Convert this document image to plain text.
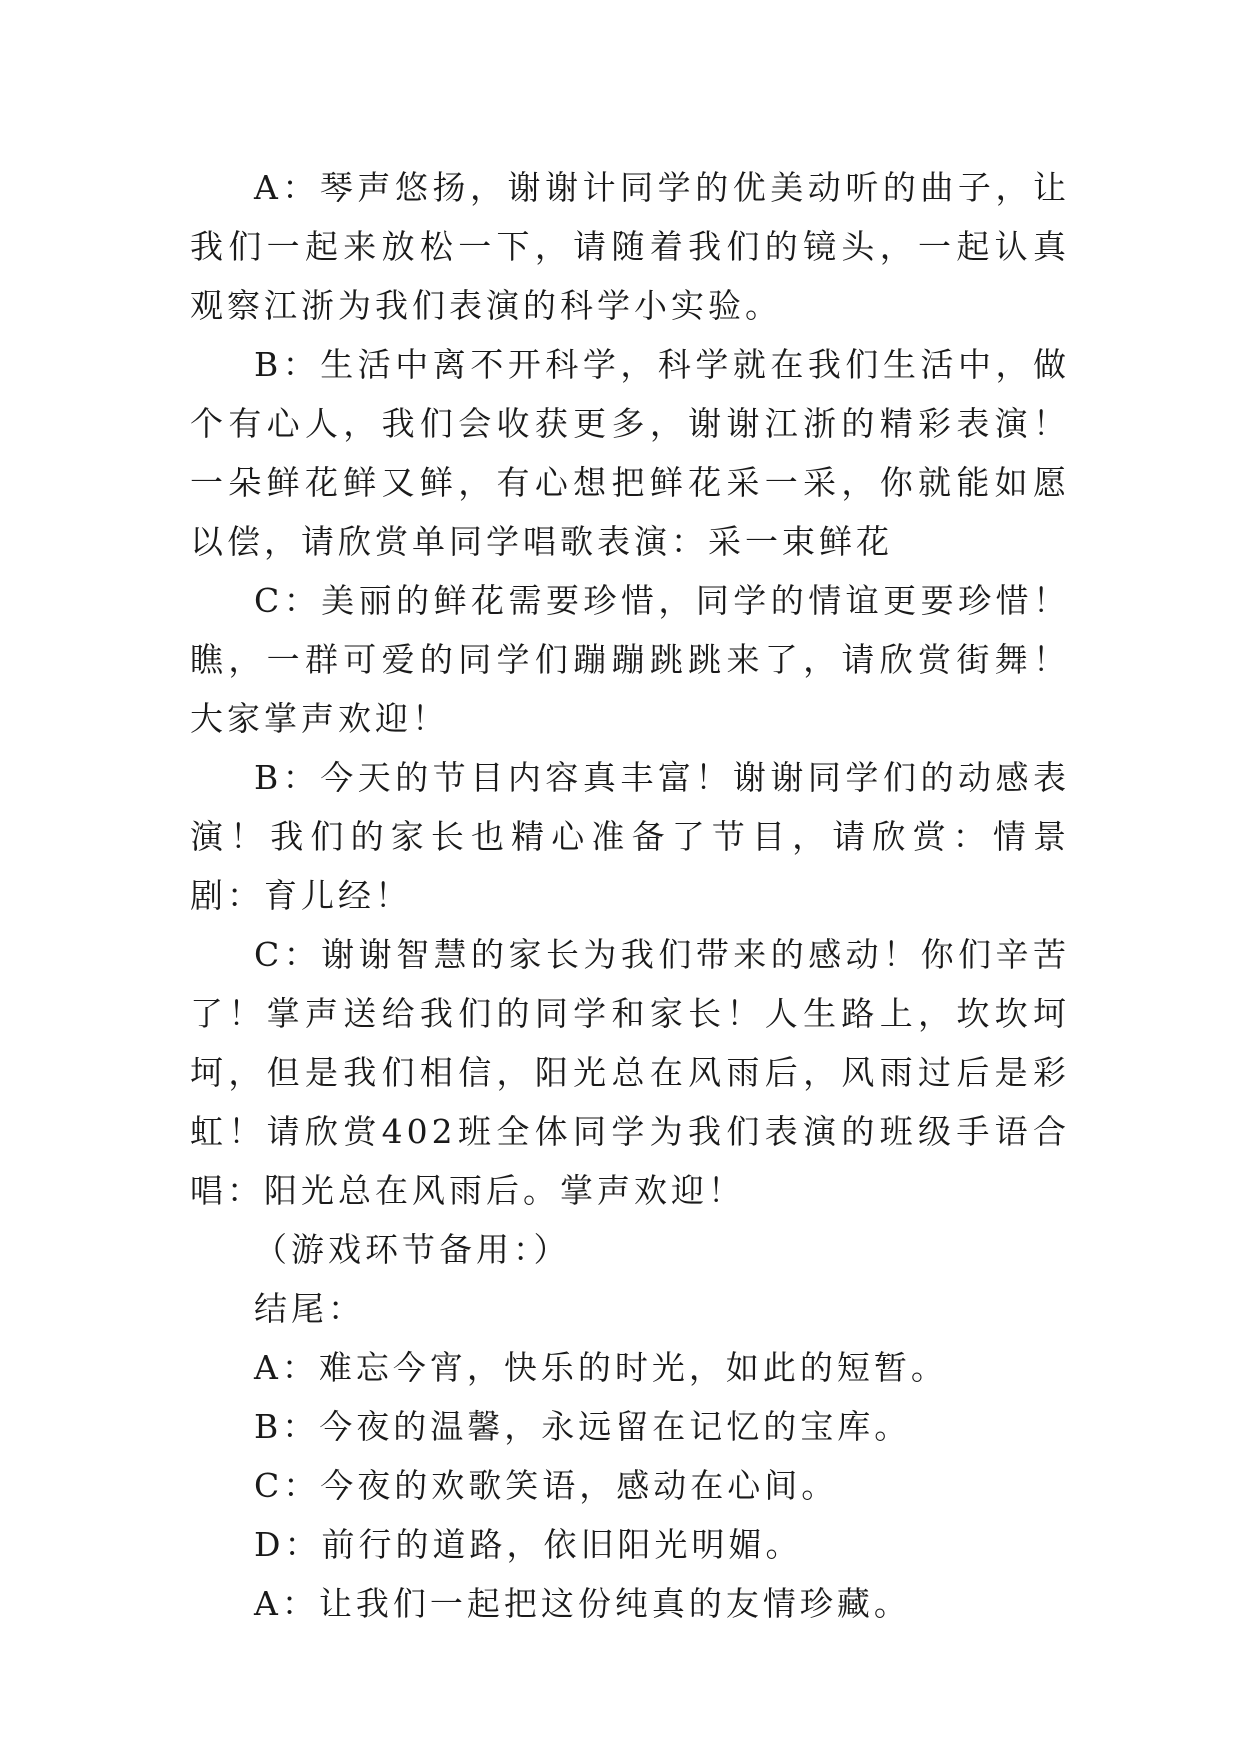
A：琴声悠扬，谢谢计同学的优美动听的曲子，让我们一起来放松一下，请随着我们的镜头，一起认真观察江浙为我们表演的科学小实验。

B：生活中离不开科学，科学就在我们生活中，做个有心人，我们会收获更多，谢谢江浙的精彩表演！一朵鲜花鲜又鲜，有心想把鲜花采一采，你就能如愿以偿，请欣赏单同学唱歌表演：采一束鲜花

C：美丽的鲜花需要珍惜，同学的情谊更要珍惜！瞧，一群可爱的同学们蹦蹦跳跳来了，请欣赏街舞！大家掌声欢迎！

B：今天的节目内容真丰富！谢谢同学们的动感表演！我们的家长也精心准备了节目，请欣赏：情景剧：育儿经！

C：谢谢智慧的家长为我们带来的感动！你们辛苦了！掌声送给我们的同学和家长！人生路上，坎坎坷坷，但是我们相信，阳光总在风雨后，风雨过后是彩虹！请欣赏402班全体同学为我们表演的班级手语合唱：阳光总在风雨后。掌声欢迎！

（游戏环节备用：）

结尾：

A：难忘今宵，快乐的时光，如此的短暂。

B：今夜的温馨，永远留在记忆的宝库。

C：今夜的欢歌笑语，感动在心间。

D：前行的道路，依旧阳光明媚。

A：让我们一起把这份纯真的友情珍藏。
